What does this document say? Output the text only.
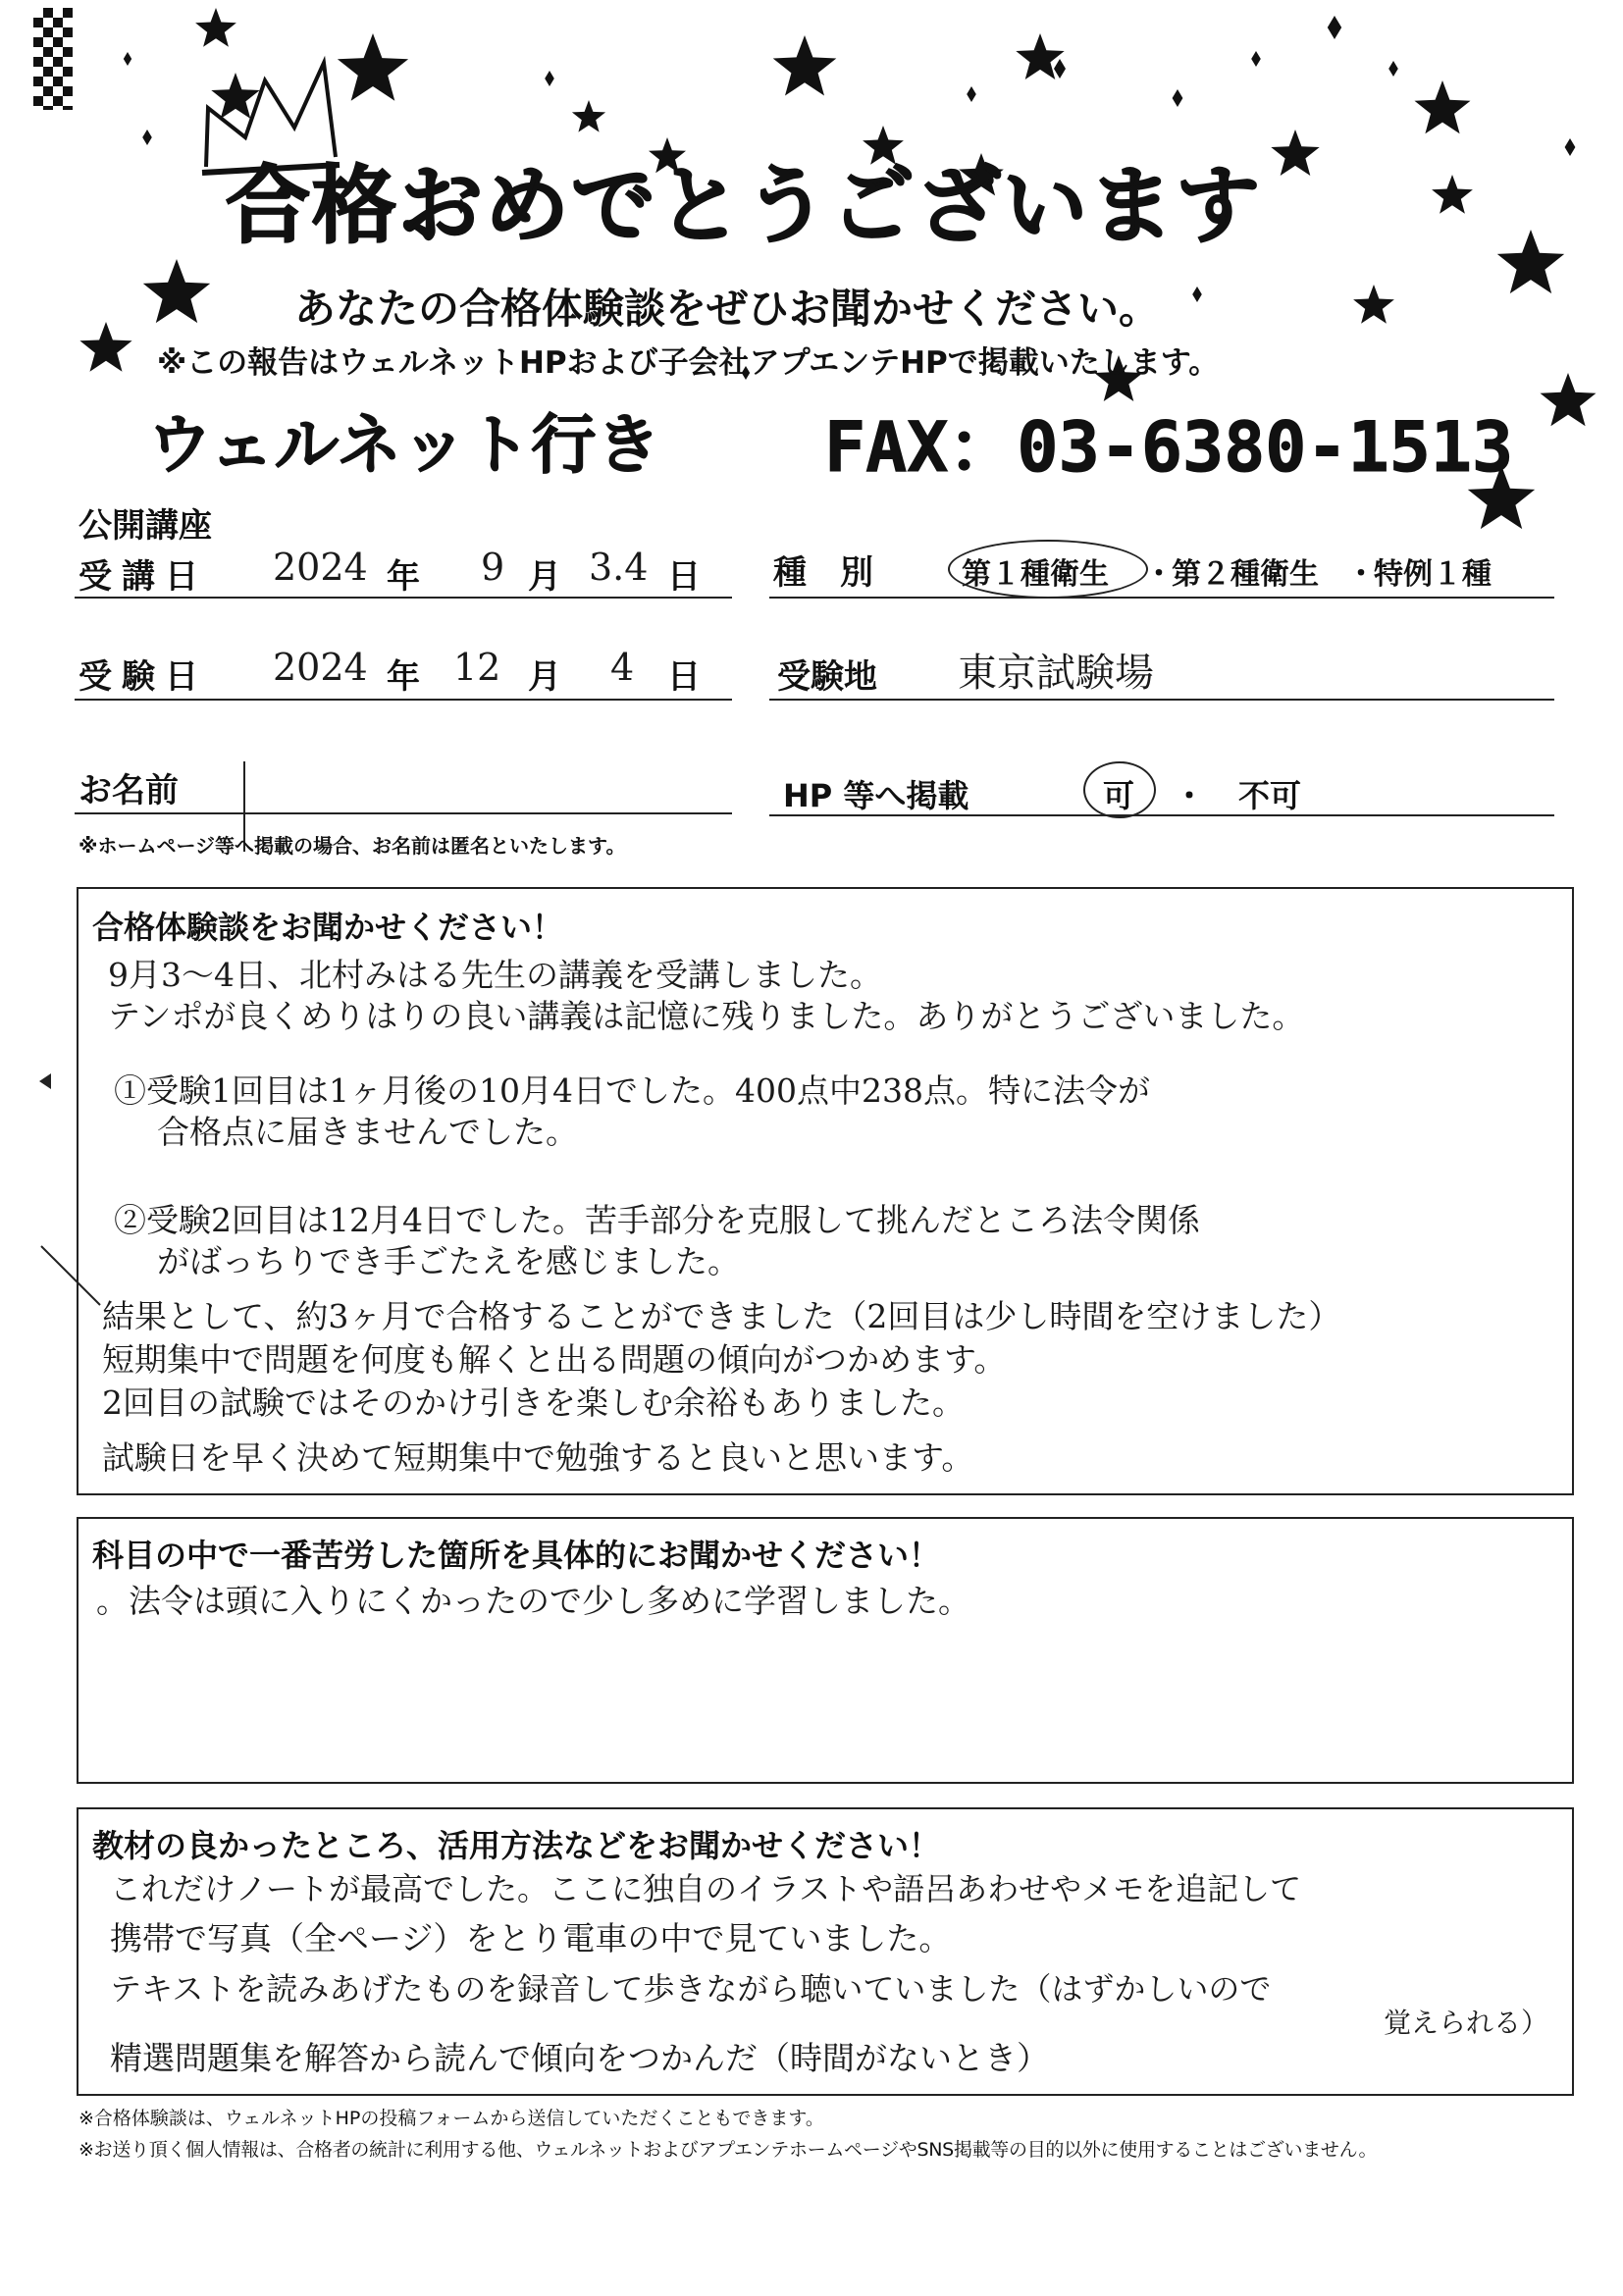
合格おめでとうございます
あなたの合格体験談をぜひお聞かせください。
※この報告はウェルネットHPおよび子会社アプエンテHPで掲載いたします。
ウェルネット行き FAX：03-6380-1513
公開講座
受講日 2024 年 9 月 3.4 日
受験日 2024 年 12 月 4 日
お名前
※ホームページ等へ掲載の場合、お名前は匿名といたします。
種　別	第１種衛生 ・
第２種衛生 ・
特例１種
受験地 東京試験場
HP 等へ掲載	可 ・ 不可
合格体験談をお聞かせください！
9月3～4日、北村みはる先生の講義を受講しました。
テンポが良くめりはりの良い講義は記憶に残りました。ありがとうございました。
①受験1回目は1ヶ月後の10月4日でした。400点中238点。特に法令が
合格点に届きませんでした。
②受験2回目は12月4日でした。苦手部分を克服して挑んだところ法令関係
がばっちりでき手ごたえを感じました。
結果として、約3ヶ月で合格することができました（2回目は少し時間を空けました）
短期集中で問題を何度も解くと出る問題の傾向がつかめます。
2回目の試験ではそのかけ引きを楽しむ余裕もありました。
試験日を早く決めて短期集中で勉強すると良いと思います。
科目の中で一番苦労した箇所を具体的にお聞かせください！
。法令は頭に入りにくかったので少し多めに学習しました。
教材の良かったところ、活用方法などをお聞かせください！
これだけノートが最高でした。ここに独自のイラストや語呂あわせやメモを追記して
携帯で写真（全ページ）をとり電車の中で見ていました。
テキストを読みあげたものを録音して歩きながら聴いていました（はずかしいので
覚えられる）
精選問題集を解答から読んで傾向をつかんだ（時間がないとき）
※合格体験談は、ウェルネットHPの投稿フォームから送信していただくこともできます。
※お送り頂く個人情報は、合格者の統計に利用する他、ウェルネットおよびアプエンテホームページやSNS掲載等の目的以外に使用することはございません。
